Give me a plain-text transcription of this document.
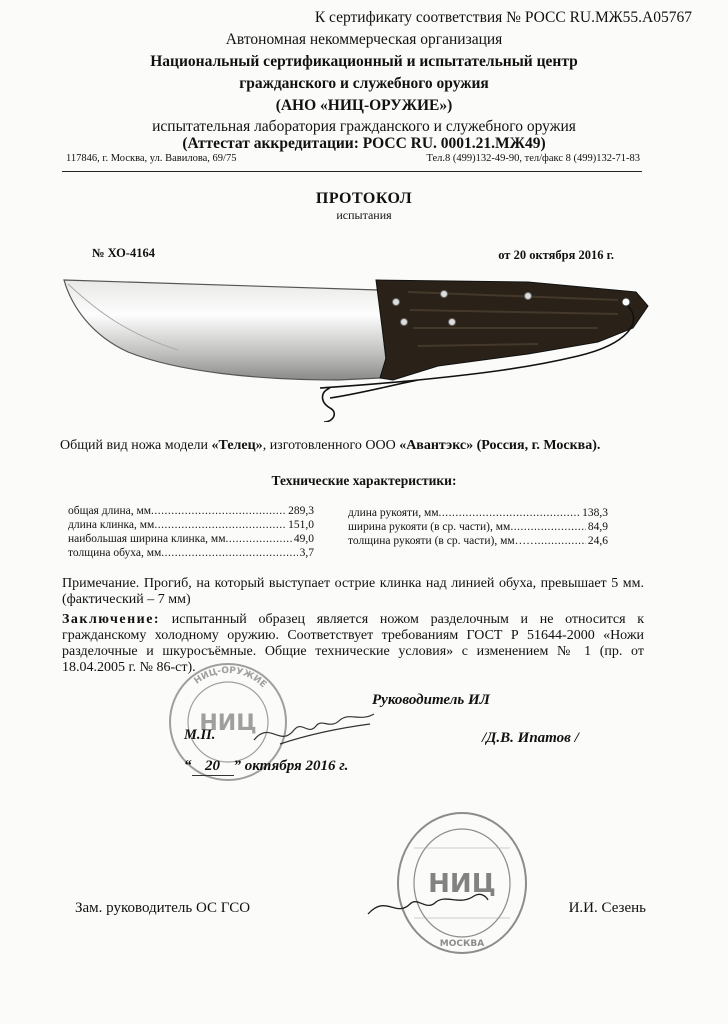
К сертификату соответствия № РОСС RU.МЖ55.А05767
Автономная некоммерческая организация
Национальный сертификационный и испытательный центр
гражданского и служебного оружия
(АНО «НИЦ-ОРУЖИЕ»)
испытательная лаборатория гражданского и служебного оружия
(Аттестат аккредитации: РОСС RU. 0001.21.МЖ49)
117846, г. Москва, ул. Вавилова, 69/75	Тел.8 (499)132-49-90, тел/факс 8 (499)132-71-83
ПРОТОКОЛ
испытания
№ ХО-4164	от 20 октября 2016 г.
Общий вид ножа модели «Телец», изготовленного ООО «Авантэкс» (Россия, г. Москва).
Технические характеристики:
общая длина, мм .....	289,3
длина клинка, мм .....	151,0
наибольшая ширина клинка, мм .....	49,0
толщина обуха, мм .....	3,7
длина рукояти, мм .....	138,3
ширина рукояти (в ср. части), мм .....	84,9
толщина рукояти (в ср. части), мм…… .....	24,6
Примечание. Прогиб, на который выступает острие клинка над линией обуха, превышает 5 мм. (фактический – 7 мм)
Заключение: испытанный образец является ножом разделочным и не относится к гражданскому холодному оружию. Соответствует требованиям ГОСТ Р 51644-2000 «Ножи разделочные и шкуросъёмные. Общие технические условия» с изменением № 1 (пр. от 18.04.2005 г. № 86-ст).
НИЦ-ОРУЖИЕ
НИЦ
Руководитель ИЛ
М.П.	/Д.В. Ипатов /
“ 20 ” октября 2016 г.
НИЦ
МОСКВА
Зам. руководитель ОС ГСО	И.И. Сезень
